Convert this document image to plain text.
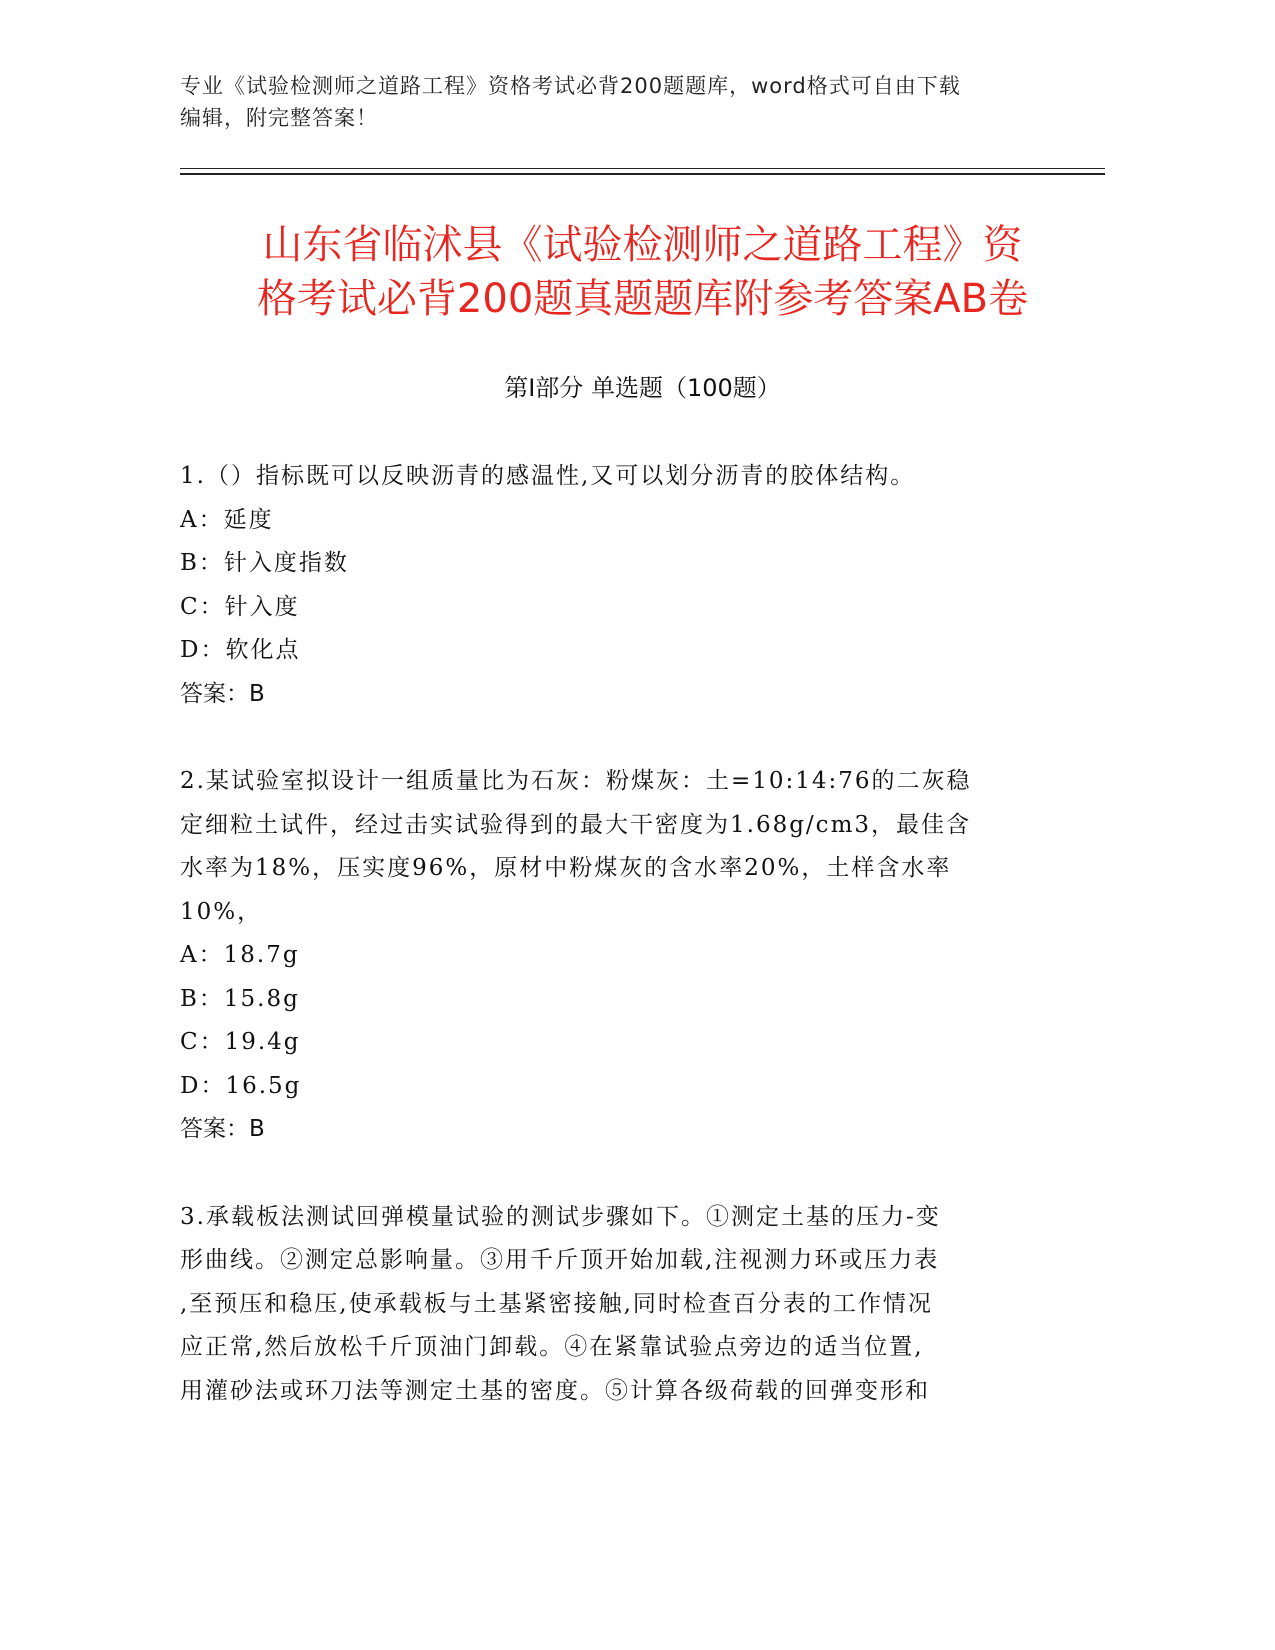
专业《试验检测师之道路工程》资格考试必背200题题库，word格式可自由下载
编辑，附完整答案！
山东省临沭县《试验检测师之道路工程》资
格考试必背200题真题题库附参考答案AB卷
第Ⅰ部分 单选题（100题）

1.（）指标既可以反映沥青的感温性,又可以划分沥青的胶体结构。

A：延度

B：针入度指数

C：针入度

D：软化点

答案：B

2.某试验室拟设计一组质量比为石灰：粉煤灰：土=10:14:76的二灰稳

定细粒土试件，经过击实试验得到的最大干密度为1.68g/cm3，最佳含

水率为18%，压实度96%，原材中粉煤灰的含水率20%，土样含水率

10%，

A：18.7g

B：15.8g

C：19.4g

D：16.5g

答案：B

3.承载板法测试回弹模量试验的测试步骤如下。①测定土基的压力-变

形曲线。②测定总影响量。③用千斤顶开始加载,注视测力环或压力表

,至预压和稳压,使承载板与土基紧密接触,同时检查百分表的工作情况

应正常,然后放松千斤顶油门卸载。④在紧靠试验点旁边的适当位置,

用灌砂法或环刀法等测定土基的密度。⑤计算各级荷载的回弹变形和
